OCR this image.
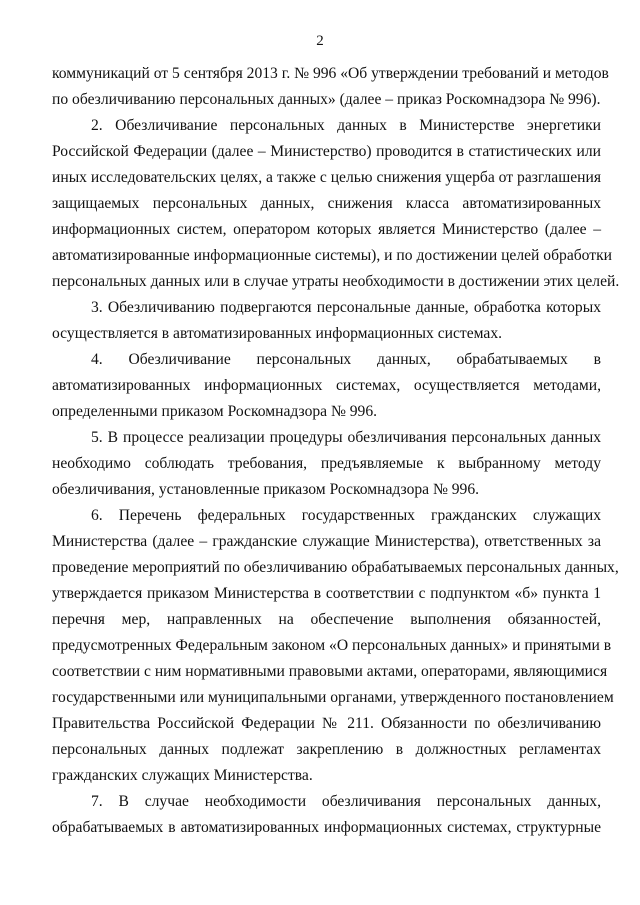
2
коммуникаций от 5 сентября 2013 г. № 996 «Об утверждении требований и методов
по обезличиванию персональных данных» (далее – приказ Роскомнадзора № 996).
2. Обезличивание персональных данных в Министерстве энергетики
Российской Федерации (далее – Министерство) проводится в статистических или
иных исследовательских целях, а также с целью снижения ущерба от разглашения
защищаемых персональных данных, снижения класса автоматизированных
информационных систем, оператором которых является Министерство (далее –
автоматизированные информационные системы), и по достижении целей обработки
персональных данных или в случае утраты необходимости в достижении этих целей.
3. Обезличиванию подвергаются персональные данные, обработка которых
осуществляется в автоматизированных информационных системах.
4. Обезличивание персональных данных, обрабатываемых в
автоматизированных информационных системах, осуществляется методами,
определенными приказом Роскомнадзора № 996.
5. В процессе реализации процедуры обезличивания персональных данных
необходимо соблюдать требования, предъявляемые к выбранному методу
обезличивания, установленные приказом Роскомнадзора № 996.
6. Перечень федеральных государственных гражданских служащих
Министерства (далее – гражданские служащие Министерства), ответственных за
проведение мероприятий по обезличиванию обрабатываемых персональных данных,
утверждается приказом Министерства в соответствии с подпунктом «б» пункта 1
перечня мер, направленных на обеспечение выполнения обязанностей,
предусмотренных Федеральным законом «О персональных данных» и принятыми в
соответствии с ним нормативными правовыми актами, операторами, являющимися
государственными или муниципальными органами, утвержденного постановлением
Правительства Российской Федерации № 211. Обязанности по обезличиванию
персональных данных подлежат закреплению в должностных регламентах
гражданских служащих Министерства.
7. В случае необходимости обезличивания персональных данных,
обрабатываемых в автоматизированных информационных системах, структурные
